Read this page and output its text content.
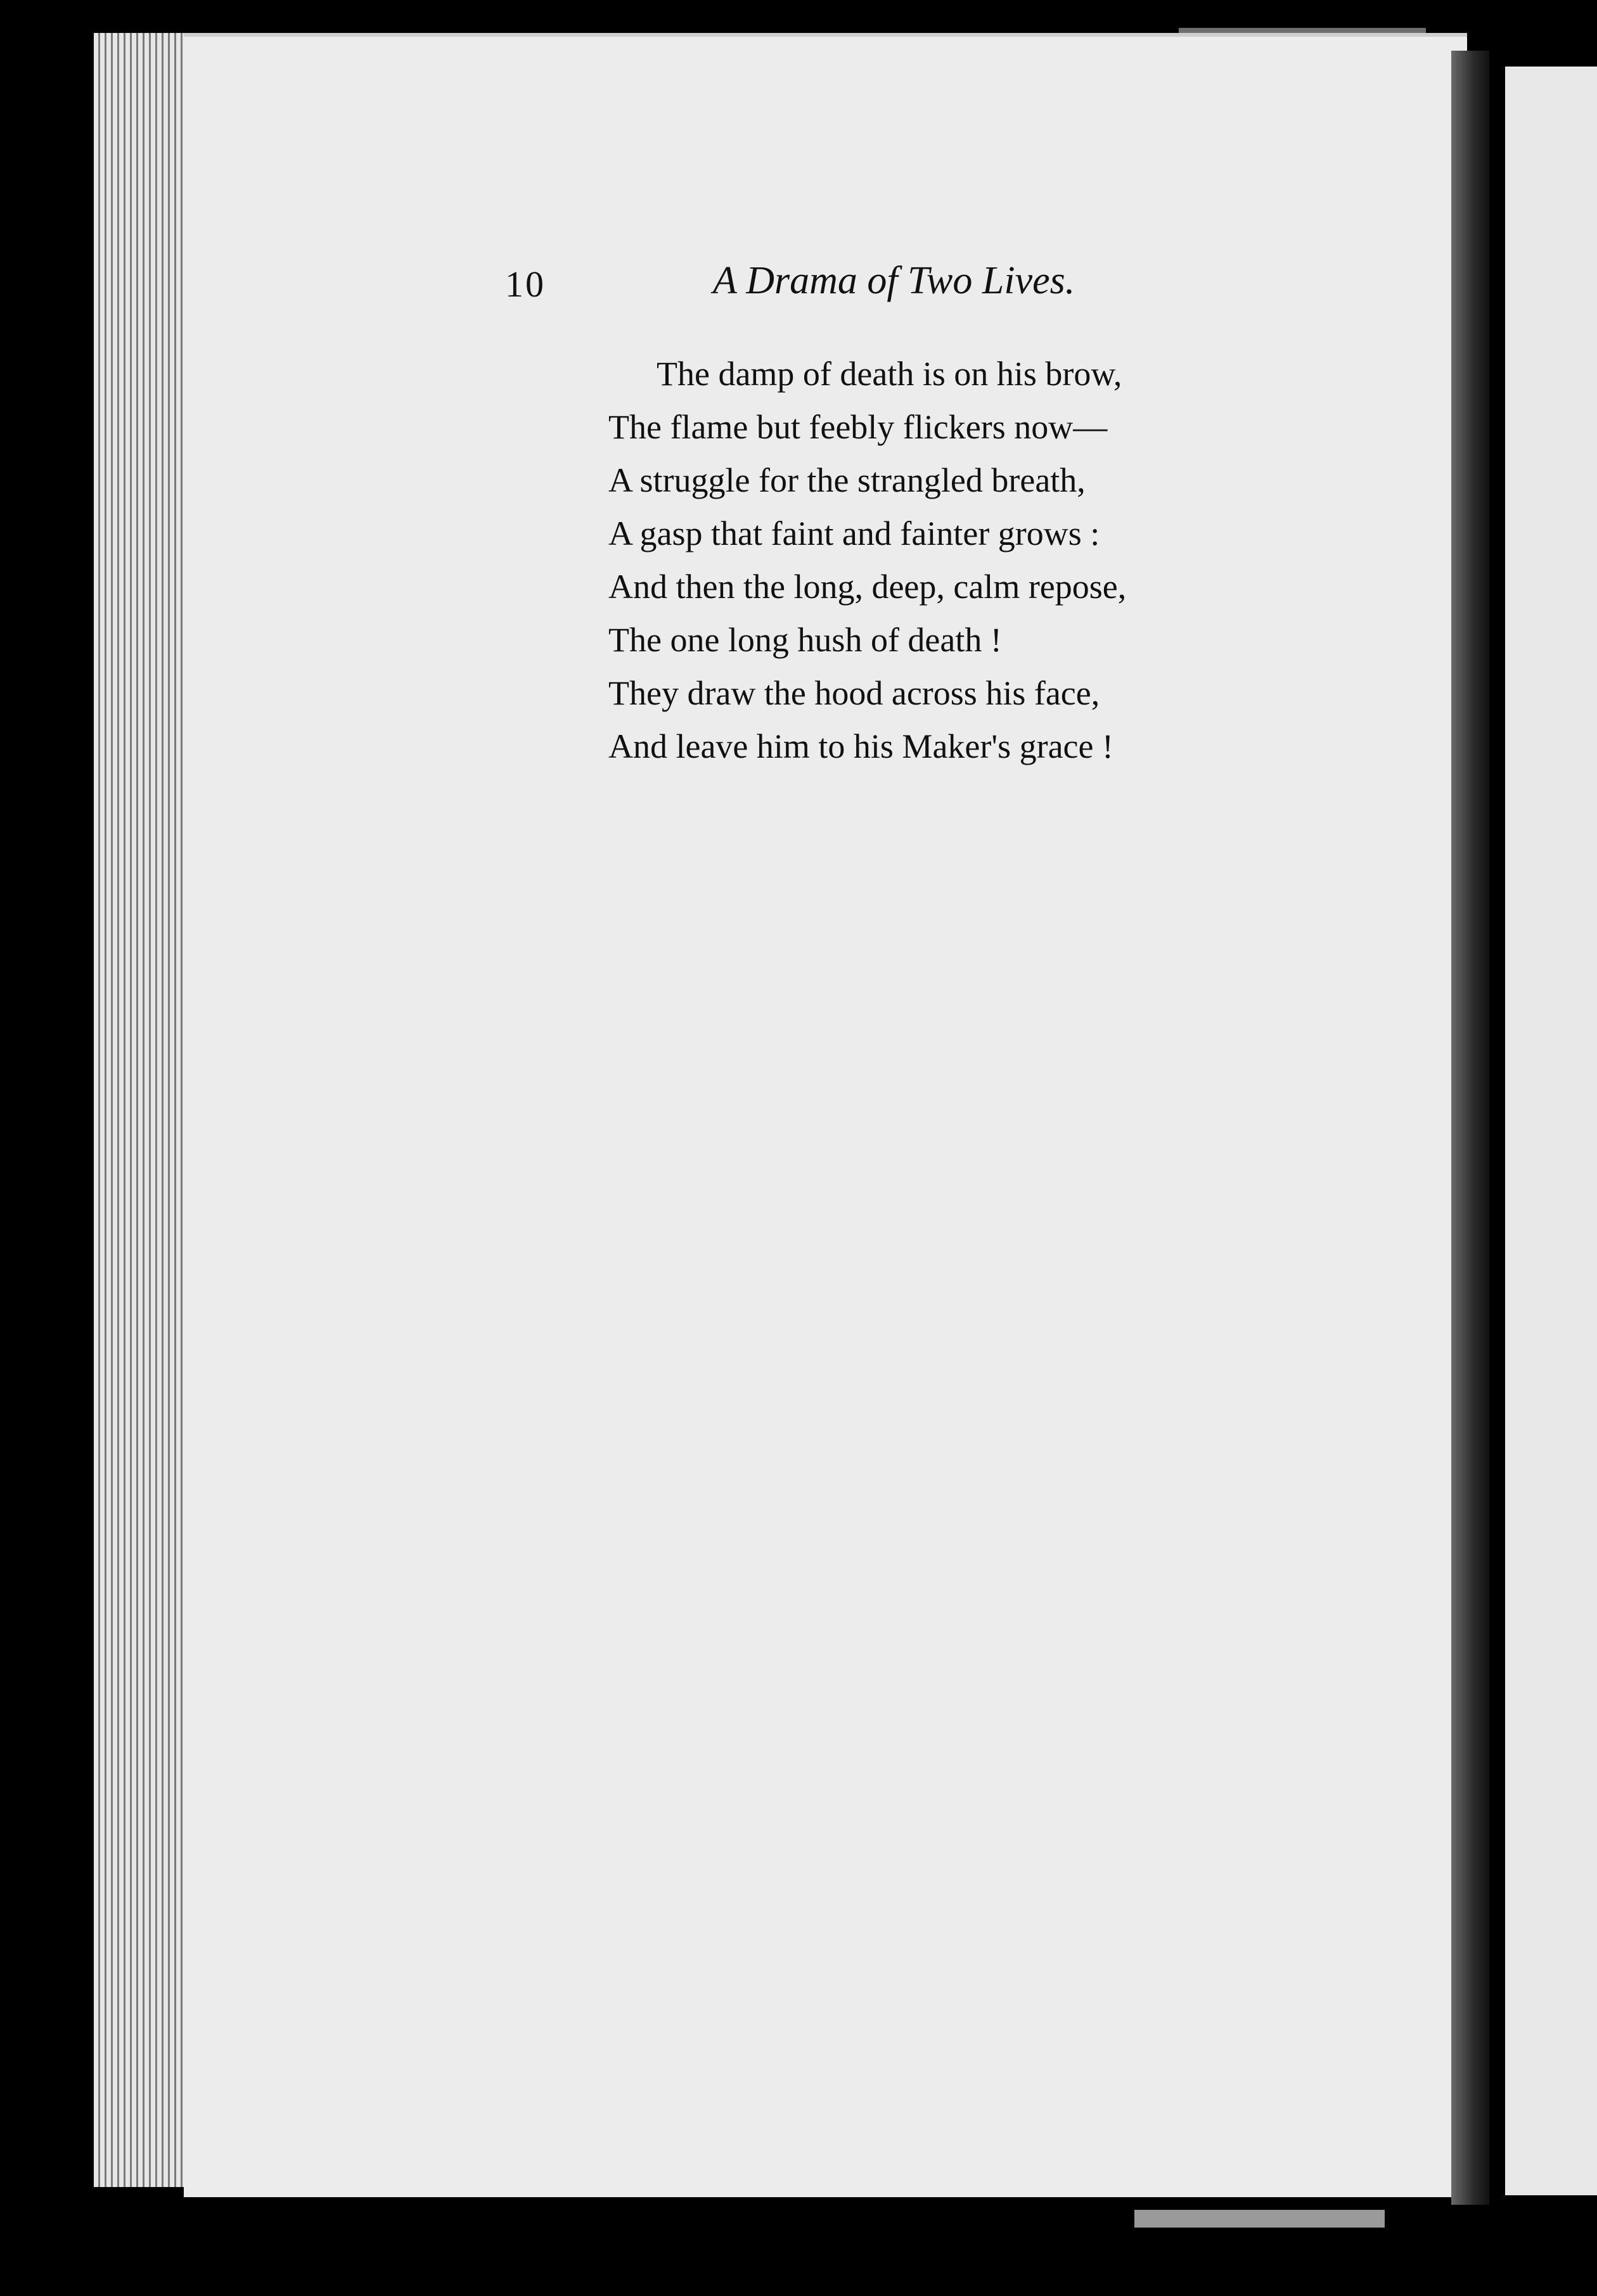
10	A Drama of Two Lives.
The damp of death is on his brow,
The flame but feebly flickers now—
A struggle for the strangled breath,
A gasp that faint and fainter grows :
And then the long, deep, calm repose,
The one long hush of death !
They draw the hood across his face,
And leave him to his Maker's grace !
